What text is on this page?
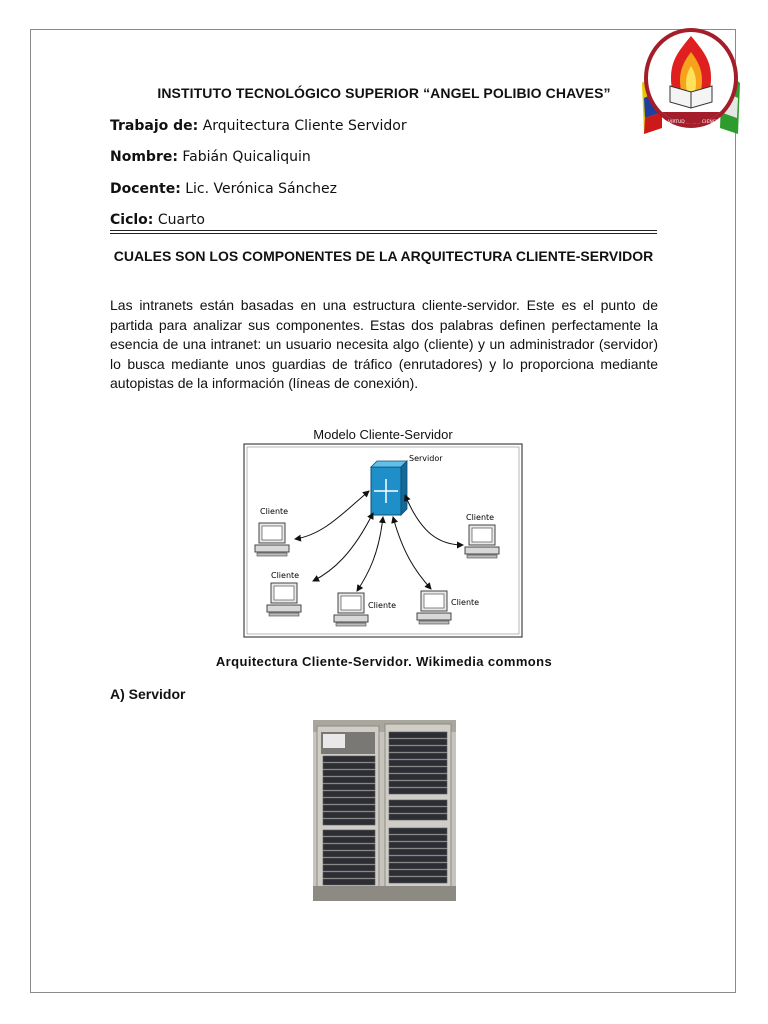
VIRTUD	CIENCIA
INSTITUTO TECNOLÓGICO SUPERIOR “ANGEL POLIBIO CHAVES”
Trabajo de: Arquitectura Cliente Servidor
Nombre: Fabián Quicaliquin
Docente: Lic. Verónica Sánchez
Ciclo: Cuarto
CUALES SON LOS COMPONENTES DE LA ARQUITECTURA CLIENTE-SERVIDOR
Las intranets están basadas en una estructura cliente-servidor. Este es el punto de partida para analizar sus componentes. Estas dos palabras definen perfectamente la esencia de una intranet: un usuario necesita algo (cliente) y un administrador (servidor) lo busca mediante unos guardias de tráfico (enrutadores) y lo proporciona mediante autopistas de la información (líneas de conexión).
Modelo Cliente-Servidor
Servidor
Cliente
Cliente
Cliente
Cliente	Cliente
Arquitectura Cliente-Servidor. Wikimedia commons
A) Servidor
